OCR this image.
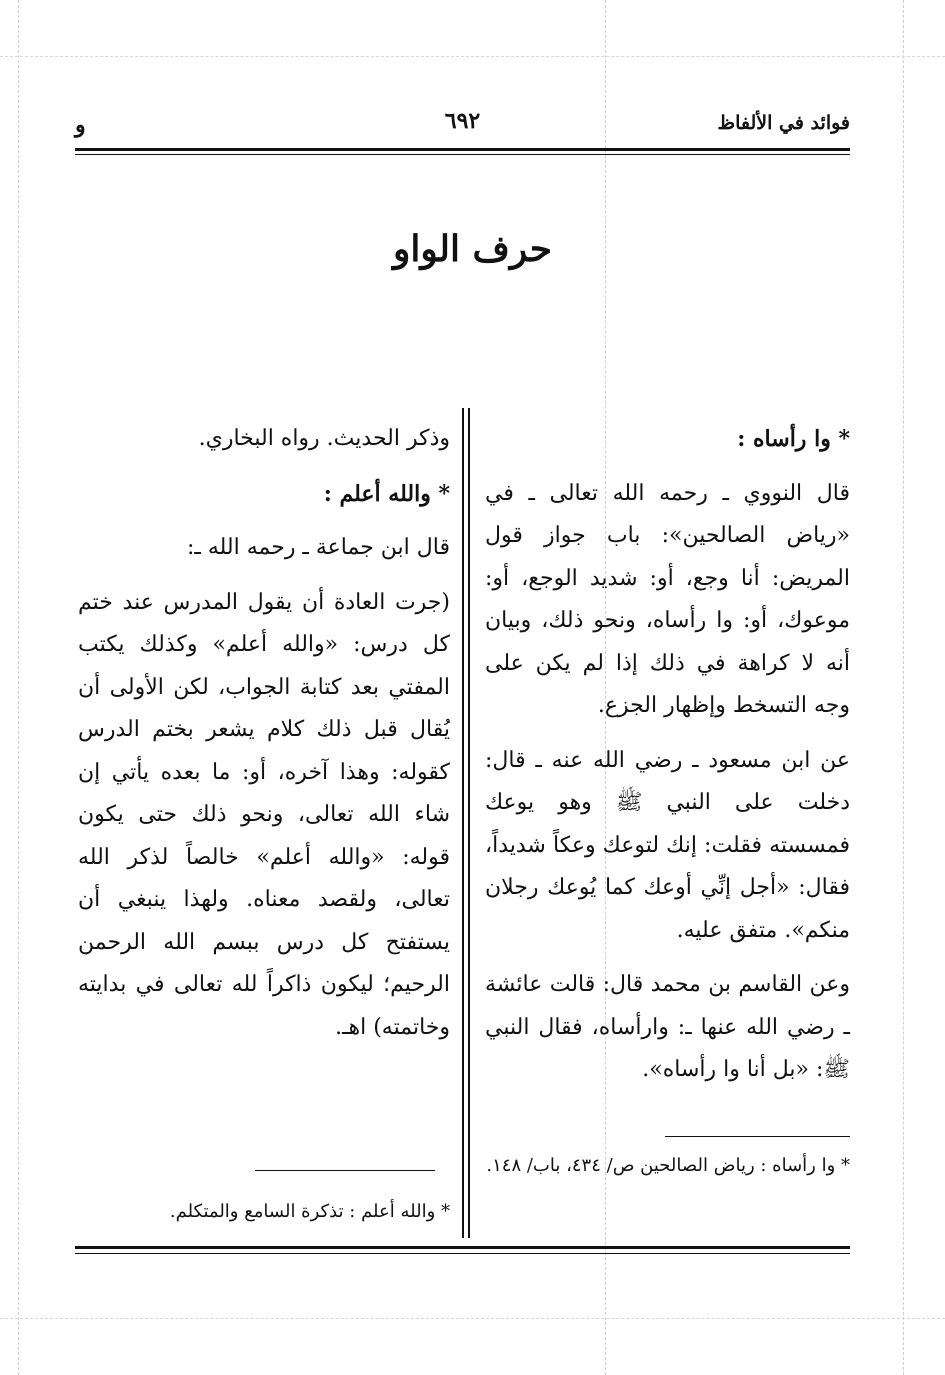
فوائد في الألفاظ
٦٩٢
و
حرف الواو

* وا رأساه :

قال النووي ـ رحمه الله تعالى ـ في «رياض الصالحين»: باب جواز قول المريض: أنا وجع، أو: شديد الوجع، أو: موعوك، أو: وا رأساه، ونحو ذلك، وبيان أنه لا كراهة في ذلك إذا لم يكن على وجه التسخط وإظهار الجزع.

عن ابن مسعود ـ رضي الله عنه ـ قال: دخلت على النبي ﷺ وهو يوعك فمسسته فقلت: إنك لتوعك وعكاً شديداً، فقال: «أجل إنِّي أوعك كما يُوعك رجلان منكم». متفق عليه.

وعن القاسم بن محمد قال: قالت عائشة ـ رضي الله عنها ـ: وارأساه، فقال النبي ﷺ: «بل أنا وا رأساه».

وذكر الحديث. رواه البخاري.

* والله أعلم :

قال ابن جماعة ـ رحمه الله ـ:

(جرت العادة أن يقول المدرس عند ختم كل درس: «والله أعلم» وكذلك يكتب المفتي بعد كتابة الجواب، لكن الأولى أن يُقال قبل ذلك كلام يشعر بختم الدرس كقوله: وهذا آخره، أو: ما بعده يأتي إن شاء الله تعالى، ونحو ذلك حتى يكون قوله: «والله أعلم» خالصاً لذكر الله تعالى، ولقصد معناه. ولهذا ينبغي أن يستفتح كل درس ببسم الله الرحمن الرحيم؛ ليكون ذاكراً لله تعالى في بدايته وخاتمته) اهـ.

* وا رأساه : رياض الصالحين ص/ ٤٣٤، باب/ ١٤٨.
* والله أعلم : تذكرة السامع والمتكلم.
